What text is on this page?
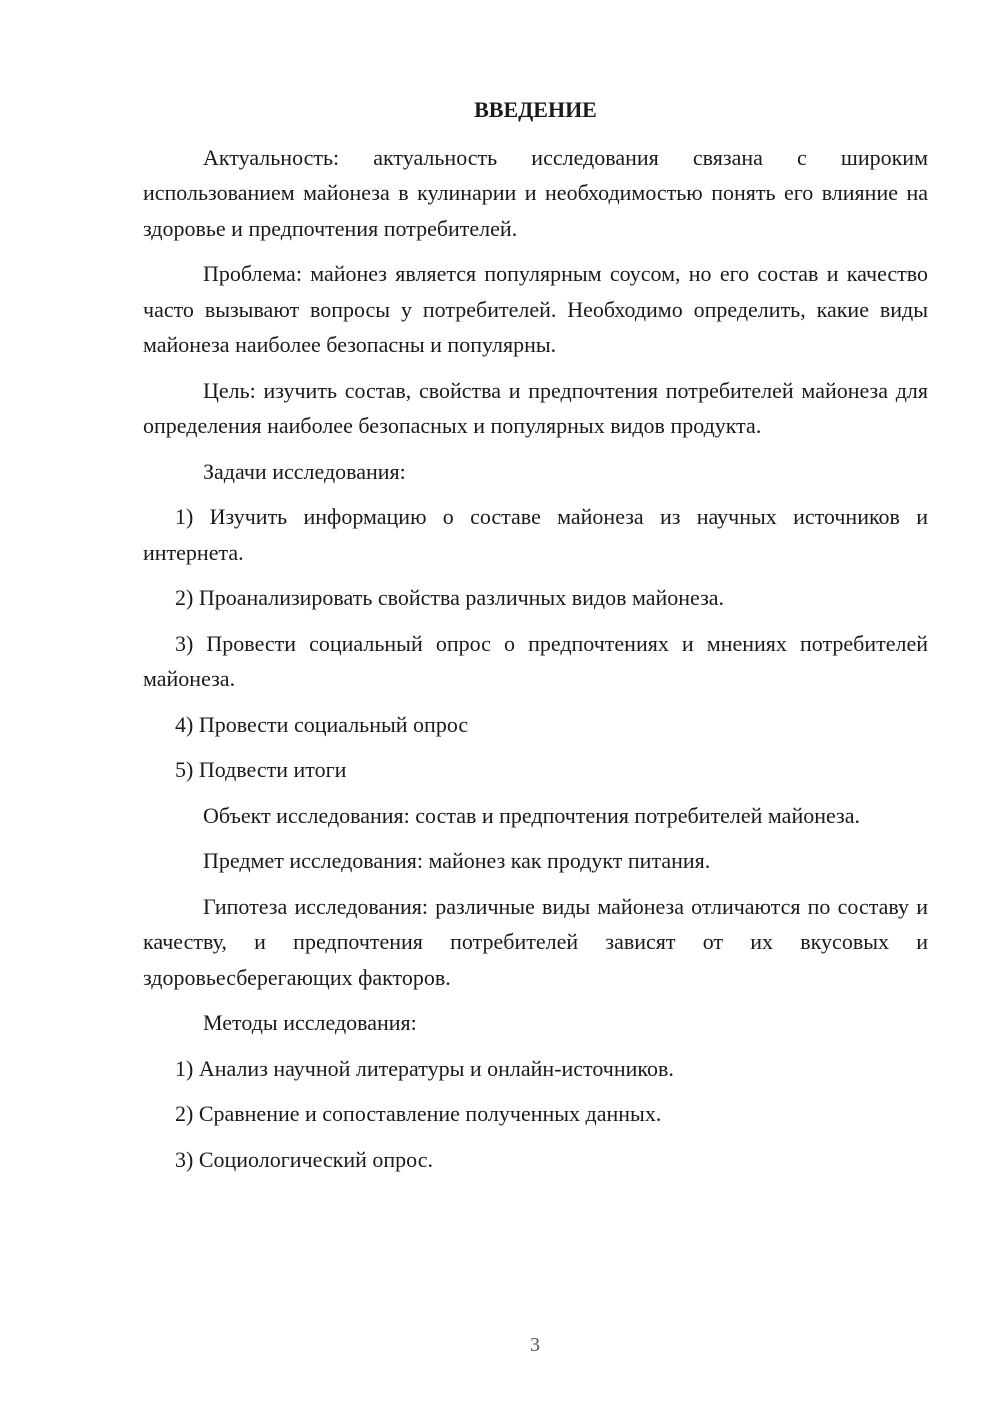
ВВЕДЕНИЕ

Актуальность: актуальность исследования связана с широким использованием майонеза в кулинарии и необходимостью понять его влияние на здоровье и предпочтения потребителей.

Проблема: майонез является популярным соусом, но его состав и качество часто вызывают вопросы у потребителей. Необходимо определить, какие виды майонеза наиболее безопасны и популярны.

Цель: изучить состав, свойства и предпочтения потребителей майонеза для определения наиболее безопасных и популярных видов продукта.

Задачи исследования:

1) Изучить информацию о составе майонеза из научных источников и интернета.

2) Проанализировать свойства различных видов майонеза.

3) Провести социальный опрос о предпочтениях и мнениях потребителей майонеза.

4) Провести социальный опрос

5) Подвести итоги

Объект исследования: состав и предпочтения потребителей майонеза.

Предмет исследования: майонез как продукт питания.

Гипотеза исследования: различные виды майонеза отличаются по составу и качеству, и предпочтения потребителей зависят от их вкусовых и здоровьесберегающих факторов.

Методы исследования:

1) Анализ научной литературы и онлайн-источников.

2) Сравнение и сопоставление полученных данных.

3) Социологический опрос.

3
